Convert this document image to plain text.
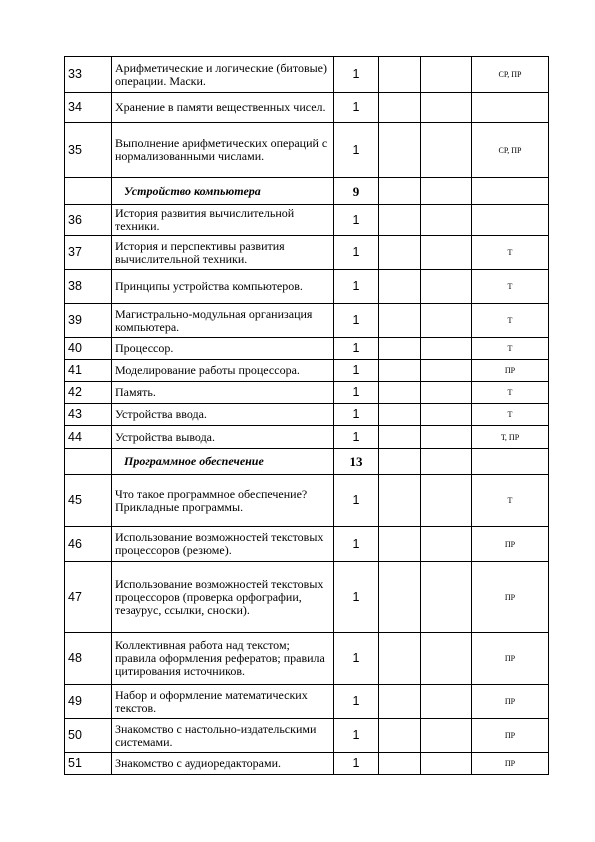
33	Арифметические и логические (битовые) операции. Маски.	1			СР, ПР
34	Хранение в памяти вещественных чисел.	1			
35	Выполнение арифметических операций с нормализованными числами.	1			СР, ПР
	Устройство компьютера	9			
36	История развития вычислительной техники.	1			
37	История и перспективы развития вычислительной техники.	1			Т
38	Принципы устройства компьютеров.	1			Т
39	Магистрально-модульная организация компьютера.	1			Т
40	Процессор.	1			Т
41	Моделирование работы процессора.	1			ПР
42	Память.	1			Т
43	Устройства ввода.	1			Т
44	Устройства вывода.	1			Т, ПР
	Программное обеспечение	13			
45	Что такое программное обеспечение? Прикладные программы.	1			Т
46	Использование возможностей текстовых процессоров (резюме).	1			ПР
47	Использование возможностей текстовых процессоров (проверка орфографии, тезаурус, ссылки, сноски).	1			ПР
48	Коллективная работа над текстом; правила оформления рефератов; правила цитирования источников.	1			ПР
49	Набор и оформление математических текстов.	1			ПР
50	Знакомство с настольно-издательскими системами.	1			ПР
51	Знакомство с аудиоредакторами.	1			ПР
